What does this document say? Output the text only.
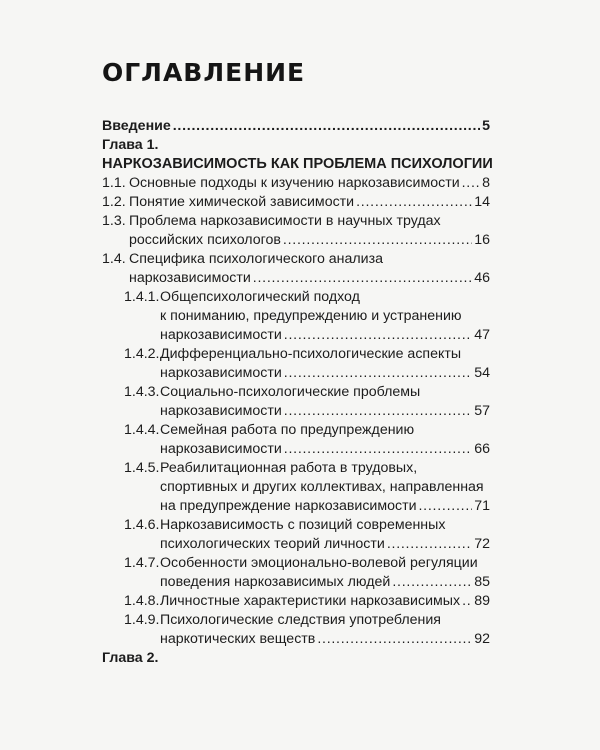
ОГЛАВЛЕНИЕ
Введение . . .	5
Глава 1.
НАРКОЗАВИСИМОСТЬ КАК ПРОБЛЕМА ПСИХОЛОГИИ
1.1. Основные подходы к изучению наркозависимости . . . 8
1.2. Понятие химической зависимости . . .	14
1.3. Проблема наркозависимости в научных трудах
российских психологов . . .	16
1.4. Специфика психологического анализа
наркозависимости . . .	46
1.4.1. Общепсихологический подход
к пониманию, предупреждению и устранению
наркозависимости . . .	47
1.4.2. Дифференциально-психологические аспекты
наркозависимости . . .	54
1.4.3. Социально-психологические проблемы
наркозависимости . . .	57
1.4.4. Семейная работа по предупреждению
наркозависимости . . .	66
1.4.5. Реабилитационная работа в трудовых,
спортивных и других коллективах, направленная
на предупреждение наркозависимости . . .	71
1.4.6. Наркозависимость с позиций современных
психологических теорий личности . . .	72
1.4.7. Особенности эмоционально-волевой регуляции
поведения наркозависимых людей . . .	85
1.4.8. Личностные характеристики наркозависимых . . . 89
1.4.9. Психологические следствия употребления
наркотических веществ . . .	92
Глава 2.
